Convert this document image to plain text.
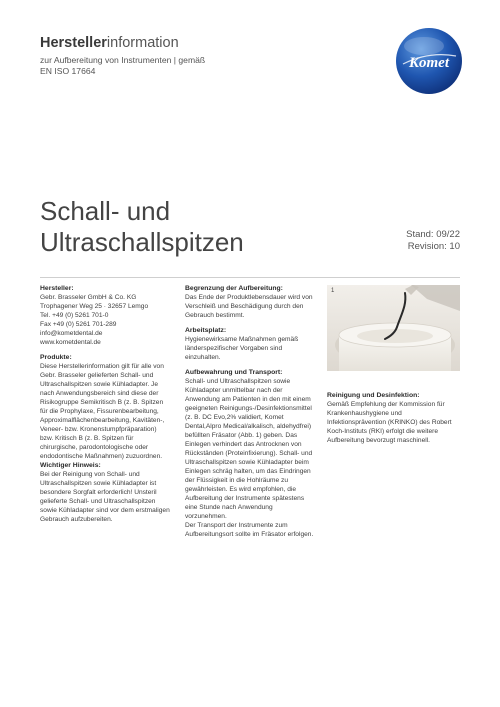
Herstellerinformation
zur Aufbereitung von Instrumenten | gemäß
EN ISO 17664	Komet
Schall- und
Ultraschallspitzen	Stand: 09/22
Revision: 10
Hersteller:
Gebr. Brasseler GmbH & Co. KG
Trophagener Weg 25 · 32657 Lemgo
Tel. +49 (0) 5261 701-0
Fax +49 (0) 5261 701-289
info@kometdental.de
www.kometdental.de
Produkte:

Diese Herstellerinformation gilt für alle von Gebr. Brasseler gelieferten Schall- und Ultraschallspitzen sowie Kühladapter. Je nach Anwendungsbereich sind diese der Risikogruppe Semikritisch B (z. B. Spitzen für die Prophylaxe, Fissurenbearbeitung, Approximalflächenbearbeitung, Kavitäten-, Veneer- bzw. Kronenstumpfpräparation) bzw. Kritisch B (z. B. Spitzen für chirurgische, parodontologische oder endodontische Maßnahmen) zuzuordnen.

Wichtiger Hinweis:

Bei der Reinigung von Schall- und Ultraschallspitzen sowie Kühladapter ist besondere Sorgfalt erforderlich! Unsteril gelieferte Schall- und Ultraschallspitzen sowie Kühladapter sind vor dem erstmaligen Gebrauch aufzubereiten.

Begrenzung der Aufbereitung:

Das Ende der Produktlebensdauer wird von Verschleiß und Beschädigung durch den Gebrauch bestimmt.

Arbeitsplatz:

Hygienewirksame Maßnahmen gemäß länderspezifischer Vorgaben sind einzuhalten.

Aufbewahrung und Transport:

Schall- und Ultraschallspitzen sowie Kühladapter unmittelbar nach der Anwendung am Patienten in den mit einem geeigneten Reinigungs-/Desinfektionsmittel (z. B. DC Evo,2% validiert, Komet Dental,Alpro Medical/alkalisch, aldehydfrei) befüllten Fräsator (Abb. 1) geben. Das Einlegen verhindert das Antrocknen von Rückständen (Proteinfixierung). Schall- und Ultraschallspitzen sowie Kühladapter beim Einlegen schräg halten, um das Eindringen der Flüssigkeit in die Hohlräume zu gewährleisten. Es wird empfohlen, die Aufbereitung der Instrumente spätestens eine Stunde nach Anwendung vorzunehmen.

Der Transport der Instrumente zum Aufbereitungsort sollte im Fräsator erfolgen.

1
Reinigung und Desinfektion:

Gemäß Empfehlung der Kommission für Krankenhaushygiene und Infektionsprävention (KRINKO) des Robert Koch-Instituts (RKI) erfolgt die weitere Aufbereitung bevorzugt maschinell.
